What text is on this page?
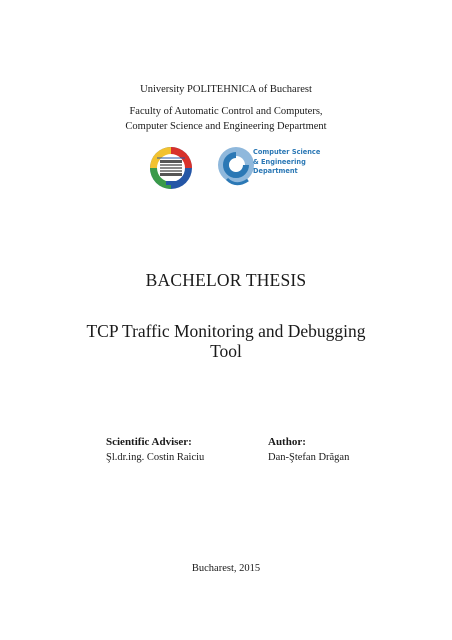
University POLITEHNICA of Bucharest
Faculty of Automatic Control and Computers,
Computer Science and Engineering Department
Computer Science
& Engineering
Department
BACHELOR THESIS
TCP Traffic Monitoring and Debugging
Tool
Scientific Adviser:
Şl.dr.ing. Costin Raiciu
Author:
Dan-Ştefan Drăgan
Bucharest, 2015
